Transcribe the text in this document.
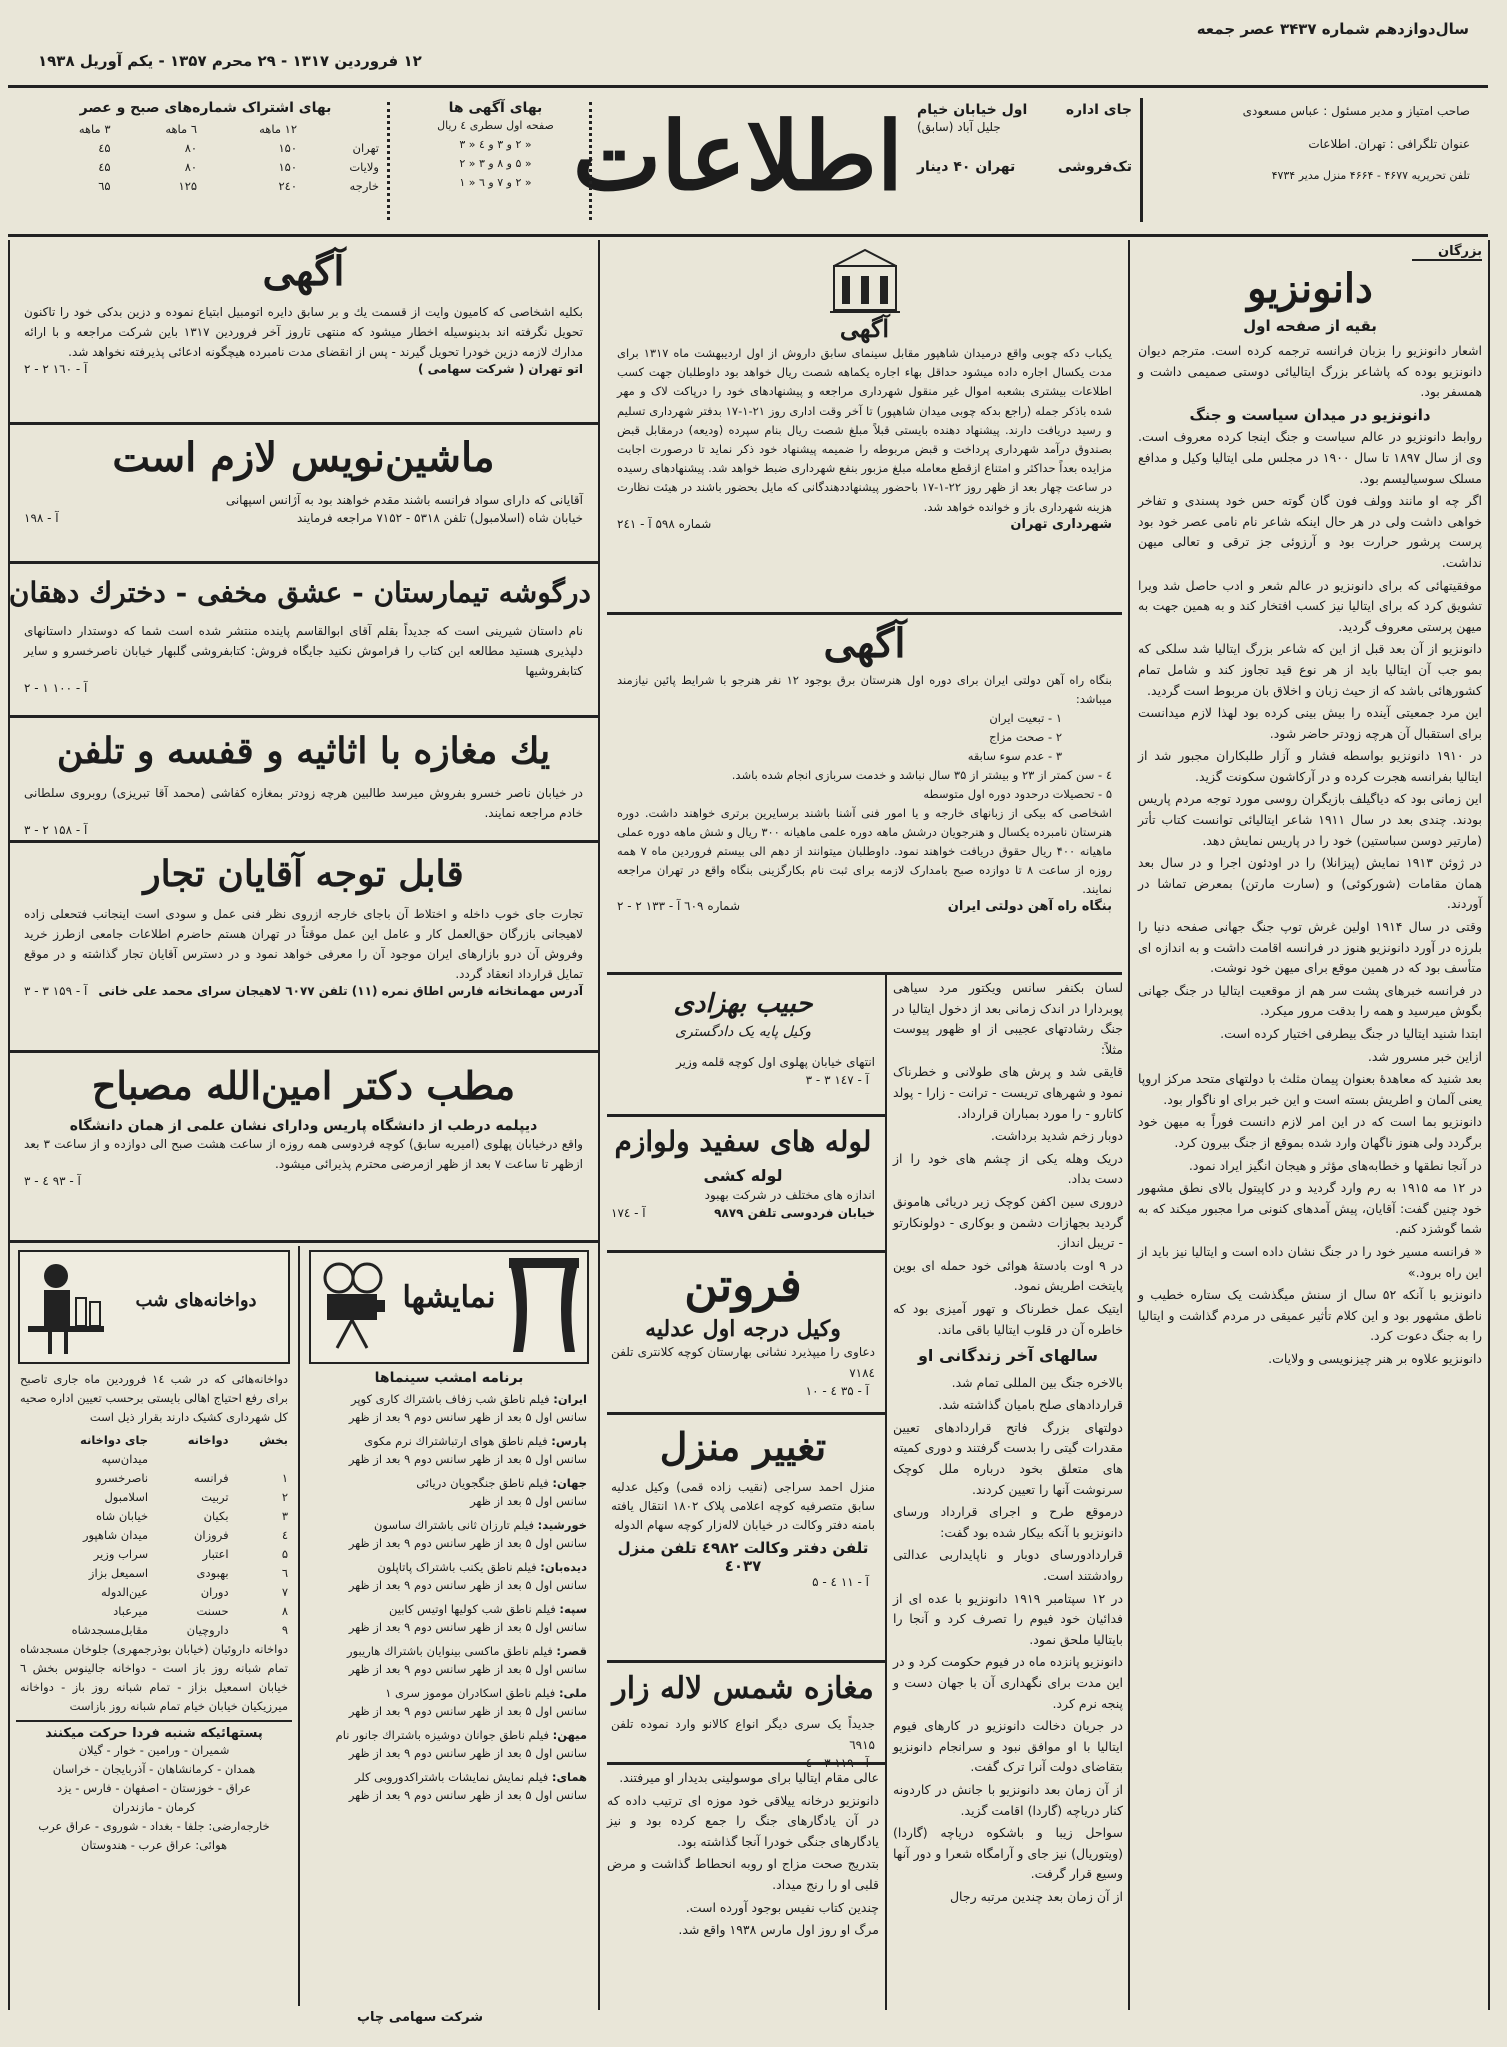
سال‌دوازدهم شماره ۳۴۳۷ عصر جمعه
۱۲ فروردین ۱۳۱۷ - ۲۹ محرم ۱۳۵۷ - یکم آوریل ۱۹۳۸
صاحب امتیاز و مدیر مسئول : عباس مسعودی
عنوان تلگرافی : تهران. اطلاعات
تلفن تحریریه ۴۶۷۷ - ۴۶۶۴ منزل مدیر ۴۷۳۴
جای اداره
اول خیابان خیام
جلیل آباد (سابق)
تک‌فروشی
تهران ۴۰ دینار
اطلاعات
بهای آگهی ها
صفحه اول سطری ٤ ریال
« ۲ و ۳ و ٤ « ۳
« ۵ و ۸ و ۳ « ۲
« ۲ و ۷ و ٦ « ۱
بهای اشتراک شماره‌های صبح و عصر
	۱۲ ماهه	٦ ماهه	۳ ماهه
تهران	۱۵۰	۸۰	٤۵
ولایات	۱۵۰	۸۰	٤۵
خارجه	۲٤۰	۱۲۵	٦۵
بزرگان
دانونزیو
بقیه از صفحه اول

اشعار دانونزیو را بزبان فرانسه ترجمه کرده است. مترجم دیوان دانونزیو بوده که پاشاعر بزرگ ایتالیائی دوستی صمیمی داشت و همسفر بود.

دانونزیو در میدان سیاست و جنگ

روابط دانونزیو در عالم سیاست و جنگ اینجا کرده معروف است. وی از سال ۱۸۹۷ تا سال ۱۹۰۰ در مجلس ملی ایتالیا وکیل و مدافع مسلک سوسیالیسم بود.

اگر چه او مانند وولف فون گان گوته حس خود پسندی و تفاخر خواهی داشت ولی در هر حال اینکه شاعر نام نامی عصر خود بود پرست پرشور حرارت بود و آرزوئی جز ترقی و تعالی میهن نداشت.

موفقیتهائی که برای دانونزیو در عالم شعر و ادب حاصل شد ویرا تشویق کرد که برای ایتالیا نیز کسب افتخار کند و به همین جهت به میهن پرستی معروف گردید.

دانونزیو از آن بعد قبل از این که شاعر بزرگ ایتالیا شد سلکی که بمو جب آن ایتالیا باید از هر نوع قید تجاوز کند و شامل تمام کشورهائی باشد که از حیث زبان و اخلاق بان مربوط است گردید.

این مرد جمعیتی آینده را بیش بینی کرده بود لهذا لازم میدانست برای استقبال آن هرچه زودتر حاضر شود.

در ۱۹۱۰ دانونزیو بواسطه فشار و آزار طلبکاران مجبور شد از ایتالیا بفرانسه هجرت کرده و در آرکاشون سکونت گزید.

این زمانی بود که دیاگیلف بازیگران روسی مورد توجه مردم پاریس بودند. چندی بعد در سال ۱۹۱۱ شاعر ایتالیائی توانست کتاب تأتر (مارتیر دوسن سباستین) خود را در پاریس نمایش دهد.

در ژوئن ۱۹۱۳ نمایش (پیزانلا) را در اودئون اجرا و در سال بعد همان مقامات (شورکوئی) و (سارت مارتن) بمعرض تماشا در آوردند.

وقتی در سال ۱۹۱۴ اولین غرش توپ جنگ جهانی صفحه دنیا را بلرزه در آورد دانونزیو هنوز در فرانسه اقامت داشت و به اندازه ای متأسف بود که در همین موقع برای میهن خود نوشت.

در فرانسه خبرهای پشت سر هم از موقعیت ایتالیا در جنگ جهانی بگوش میرسید و همه را بدقت مرور میکرد.

ابتدا شنید ایتالیا در جنگ بیطرفی اختیار کرده است.

ازاین خبر مسرور شد.

بعد شنید که معاهدۀ بعنوان پیمان مثلث با دولتهای متحد مرکز اروپا یعنی آلمان و اطریش بسته است و این خبر برای او ناگوار بود.

دانونزیو بما است که در این امر لازم دانست فوراً به میهن خود برگردد ولی هنوز ناگهان وارد شده بموقع از جنگ بیرون کرد.

در آنجا نطقها و خطابه‌های مؤثر و هیجان انگیز ایراد نمود.

در ۱۲ مه ۱۹۱۵ به رم وارد گردید و در کاپیتول بالای نطق مشهور خود چنین گفت: آقایان، پیش آمدهای کنونی مرا مجبور میکند که به شما گوشزد کنم.

« فرانسه مسیر خود را در جنگ نشان داده است و ایتالیا نیز باید از این راه برود.»

دانونزیو با آنکه ۵۲ سال از سنش میگذشت یک ستاره خطیب و ناطق مشهور بود و این کلام تأثیر عمیقی در مردم گذاشت و ایتالیا را به جنگ دعوت کرد.

دانونزیو علاوه بر هنر چیزنویسی و ولایات.

لسان بکنفر سانس ویکتور مرد سیاهی پوبردارا در اندک زمانی بعد از دخول ایتالیا در جنگ رشادتهای عجیبی از او ظهور پیوست مثلاً:

قایقی شد و پرش های طولانی و خطرناک نمود و شهرهای تریست - ترانت - زارا - پولد کاتارو - را مورد بمباران قرارداد.

دوبار زخم شدید برداشت.

دریک وهله یکی از چشم های خود را از دست بداد.

دروری سین اکفن کوچک زیر دریائی هامونق گردید بجهازات دشمن و بوکاری - دولونکارتو - تریبل انداز.

در ۹ اوت بادستۀ هوائی خود حمله ای بوین پایتخت اطریش نمود.

ایتیک عمل خطرناک و تهور آمیزی بود که خاطره آن در قلوب ایتالیا باقی ماند.

سالهای آخر زندگانی او

بالاخره جنگ بین المللی تمام شد.

قراردادهای صلح بامیان گذاشته شد.

دولتهای بزرگ فاتح قراردادهای تعیین مقدرات گیتی را بدست گرفتند و دوری کمیته های متعلق بخود درباره ملل کوچک سرنوشت آنها را تعیین کردند.

درموقع طرح و اجرای قرارداد ورسای دانونزیو با آنکه بیکار شده بود گفت:

قراردادورسای دوبار و ناپایداربی عدالتی روادشتند است.

در ۱۲ سپتامبر ۱۹۱۹ دانونزیو با عده ای از فدائیان خود فیوم را تصرف کرد و آنجا را بایتالیا ملحق نمود.

دانونزیو پانزده ماه در فیوم حکومت کرد و در این مدت برای نگهداری آن با جهان دست و پنجه نرم کرد.

در جریان دخالت دانونزیو در کارهای فیوم ایتالیا با او موافق نبود و سرانجام دانونزیو بتقاضای دولت آنرا ترک گفت.

از آن زمان بعد دانونزیو با جانش در کاردونه کنار دریاچه (گاردا) اقامت گزید.

سواحل زیبا و باشکوه دریاچه (گاردا) (ویتوریال) نیز جای و آرامگاه شعرا و دور آنها وسیع قرار گرفت.

از آن زمان بعد چندین مرتبه رجال

آگهی

یکباب دکه چوبی واقع درمیدان شاهپور مقابل سینمای سابق داروش از اول اردیبهشت ماه ۱۳۱۷ برای مدت یکسال اجاره داده میشود حداقل بهاء اجاره یکماهه شصت ریال خواهد بود داوطلبان جهت کسب اطلاعات بیشتری بشعبه اموال غیر منقول شهرداری مراجعه و پیشنهادهای خود را درپاکت لاک و مهر شده باذکر جمله (راجع بدکه چوبی میدان شاهپور) تا آخر وقت اداری روز ۲۱-۱-۱۷ بدفتر شهرداری تسلیم و رسید دریافت دارند. پیشنهاد دهنده بایستی قبلاً مبلغ شصت ریال بنام سپرده (ودیعه) درمقابل قبض بصندوق درآمد شهرداری پرداخت و قبض مربوطه را ضمیمه پیشنهاد خود ذکر نماید تا درصورت اجابت مزایده بعداً حداکثر و امتناع ازقطع معامله مبلغ مزبور بنفع شهرداری ضبط خواهد شد. پیشنهادهای رسیده در ساعت چهار بعد از ظهر روز ۲۲-۱-۱۷ باحضور پیشنهاددهندگانی که مایل بحضور باشند در هیئت نظارت هزینه شهرداری باز و خوانده خواهد شد.

شهرداری تهران
شماره ۵۹۸ آ - ۲٤۱
آگهی

بنگاه راه آهن دولتی ایران برای دوره اول هنرستان برق بوجود ۱۲ نفر هنرجو با شرایط پائین نیازمند میباشد:

۱ - تبعیت ایران

۲ - صحت مزاج

۳ - عدم سوء سابقه

٤ - سن کمتر از ۲۳ و بیشتر از ۳۵ سال نباشد و خدمت سربازی انجام شده باشد.

۵ - تحصیلات درحدود دوره اول متوسطه

اشخاصی که بیکی از زبانهای خارجه و یا امور فنی آشنا باشند برسایرین برتری خواهند داشت. دوره هنرستان نامبرده یکسال و هنرجویان درشش ماهه دوره علمی ماهیانه ۳۰۰ ریال و شش ماهه دوره عملی ماهیانه ۴۰۰ ریال حقوق دریافت خواهند نمود. داوطلبان میتوانند از دهم الی بیستم فروردین ماه ۷ همه روزه از ساعت ۸ تا دوازده صبح بامدارک لازمه برای ثبت نام بکارگزینی بنگاه واقع در تهران مراجعه نمایند.

بنگاه راه آهن دولتی ایران
شماره ٦۰۹ آ - ۱۳۳ ۲ - ۲
حبیب بهزادی
وکیل پایه یک دادگستری

انتهای خیابان پهلوی اول کوچه قلمه وزیر

آ - ۱٤۷ ۳ - ۳
لوله های سفید ولوازم
لوله کشی

اندازه های مختلف در شرکت بهبود

خیابان فردوسی تلفن ۹۸۷۹
آ - ۱۷٤
فروتن
وکیل درجه اول عدلیه

دعاوی را میپذیرد نشانی بهارستان کوچه کلانتری تلفن ۷۱۸٤

آ - ۳۵ ٤ - ۱۰
تغییر منزل

منزل احمد سراجی (نقیب زاده قمی) وکیل عدلیه سابق متصرفیه کوچه اعلامی پلاک ۱۸۰۲ انتقال یافته بامنه دفتر وکالت در خیابان لاله‌زار کوچه سهام الدوله

تلفن دفتر وکالت ٤۹۸۲ تلفن منزل ٤۰۳۷
آ - ۱۱ ٤ - ۵
مغازه شمس لاله زار

جدیداً یک سری دیگر انواع کالانو وارد نموده تلفن ٦۹۱۵

عالی مقام ایتالیا برای موسولینی بدیدار او میرفتند.

دانونزیو درخانه ییلاقی خود موزه ای ترتیب داده که در آن یادگارهای جنگ را جمع کرده بود و نیز یادگارهای جنگی خودرا آنجا گذاشته بود.

بتدریج صحت مزاج او روبه انحطاط گذاشت و مرض قلبی او را رنج میداد.

چندین کتاب نفیس بوجود آورده است.

مرگ او روز اول مارس ۱۹۳۸ واقع شد.

آگهی

بکلیه اشخاصی که کامیون وایت از قسمت یك و بر سابق دایره اتومبیل ابتیاع نموده و دزین بدکی خود را تاکنون تحویل نگرفته اند بدینوسیله اخطار میشود که منتهی تاروز آخر فروردین ۱۳۱۷ باین شرکت مراجعه و با ارائه مدارك لازمه دزین خودرا تحویل گیرند - پس از انقضای مدت نامبرده هیچگونه ادعائی پذیرفته نخواهد شد.

اتو تهران ( شرکت سهامی )
آ - ۱٦۰ ۲ - ۲
ماشین‌نویس لازم است

آقایانی که دارای سواد فرانسه باشند مقدم خواهند بود به آژانس اسپهانی

خیابان شاه (اسلامبول) تلفن ۵۳۱۸ - ۷۱۵۲ مراجعه فرمایند
آ - ۱۹۸
درگوشه تیمارستان - عشق مخفی - دخترك دهقان

نام داستان شیرینی است که جدیداً بقلم آقای ابوالقاسم پاینده منتشر شده است شما که دوستدار داستانهای دلپذیری هستید مطالعه این کتاب را فراموش نکنید جایگاه فروش: کتابفروشی گلبهار خیابان ناصرخسرو و سایر کتابفروشیها

آ - ۱۰۰ ۱ - ۲
یك مغازه با اثاثیه و قفسه و تلفن

در خیابان ناصر خسرو بفروش میرسد طالبین هرچه زودتر بمغازه کفاشی (محمد آقا تبریزی) روبروی سلطانی خادم مراجعه نمایند.

آ - ۱۵۸ ۲ - ۳
قابل توجه آقایان تجار

تجارت جای خوب داخله و اختلاط آن باجای خارجه ازروی نظر فنی عمل و سودی است اینجانب فتحعلی زاده لاهیجانی بازرگان حق‌العمل کار و عامل این عمل موقتاً در تهران هستم حاضرم اطلاعات جامعی ازطرز خرید وفروش آن درو بازارهای ایران موجود آن را معرفی خواهد نمود و در دسترس آقایان تجار گذاشته و در موقع تمایل قرارداد انعقاد گردد.

آدرس مهمانخانه فارس اطاق نمره (۱۱) تلفن ٦۰۷۷ لاهیجان سرای محمد علی خانی
آ - ۱۵۹ ۳ - ۳
مطب دکتر امین‌الله مصباح
دیپلمه درطب از دانشگاه پاریس ودارای نشان علمی از همان دانشگاه

واقع درخیابان پهلوی (امیریه سابق) کوچه فردوسی همه روزه از ساعت هشت صبح الی دوازده و از ساعت ۳ بعد ازظهر تا ساعت ۷ بعد از ظهر ازمرضی محترم پذیرائی میشود.

آ - ۹۳ ٤ - ۳
نمایشها
برنامه امشب سینماها
ایران: فیلم ناطق شب زفاف باشتراك كاری كوپر
سانس اول ۵ بعد از ظهر سانس دوم ۹ بعد از ظهر
پارس: فیلم ناطق هوای ارتباشتراك نرم مكوی
سانس اول ۵ بعد از ظهر سانس دوم ۹ بعد از ظهر
جهان: فیلم ناطق جنگجویان دریائی
سانس اول ۵ بعد از ظهر
خورشید: فیلم تارزان ثانی باشتراك ساسون
سانس اول ۵ بعد از ظهر سانس دوم ۹ بعد از ظهر
دیده‌بان: فیلم ناطق یکنب باشتراک پاتاپلون
سانس اول ۵ بعد از ظهر سانس دوم ۹ بعد از ظهر
سپه: فیلم ناطق شب کولیها اوتیس کابین
سانس اول ۵ بعد از ظهر سانس دوم ۹ بعد از ظهر
قصر: فیلم ناطق ماکسی بینوایان باشتراك هاریبور
سانس اول ۵ بعد از ظهر سانس دوم ۹ بعد از ظهر
ملی: فیلم ناطق اسکادران موموز سری ۱
سانس اول ۵ بعد از ظهر سانس دوم ۹ بعد از ظهر
میهن: فیلم ناطق جوانان دوشیزه باشتراك جانور نام
سانس اول ۵ بعد از ظهر سانس دوم ۹ بعد از ظهر
همای: فیلم نمایش نمایشات باشتراكدوروبی کلر
سانس اول ۵ بعد از ظهر سانس دوم ۹ بعد از ظهر
دواخانه‌های شب

دواخانه‌هائی که در شب ۱٤ فروردین ماه جاری تاصبح برای رفع احتیاج اهالی بایستی برحسب تعیین اداره صحیه کل شهرداری کشیک دارند بقرار ذیل است

بخش	دواخانه	جای دواخانه
		میدان‌سپه
۱	فرانسه	ناصرخسرو
۲	تربیت	اسلامبول
۳	بکیان	خیابان شاه
٤	فروزان	میدان شاهپور
۵	اعتبار	سراب وزیر
٦	بهبودی	اسمیعل بزاز
۷	دوران	عین‌الدوله
۸	حسنت	میرعباد
۹	داروچیان	مقابل‌مسجدشاه

دواخانه داروئیان (خیابان بوذرجمهری) جلوخان مسجدشاه تمام شبانه روز باز است - دواخانه جالینوس بخش ٦ خیابان اسمعیل بزاز - تمام شبانه روز باز - دواخانه میرزیکیان خیابان خیام تمام شبانه روز بازاست

پستهائیکه شنبه فردا حرکت میکنند
شمیران - ورامین - خوار - گیلان
همدان - کرمانشاهان - آذربایجان - خراسان
عراق - خوزستان - اصفهان - فارس - یزد
کرمان - مازندران
خارجه‌ارضی: جلفا - بغداد - شوروی - عراق عرب
هوائی: عراق عرب - هندوستان
شرکت سهامی چاپ
